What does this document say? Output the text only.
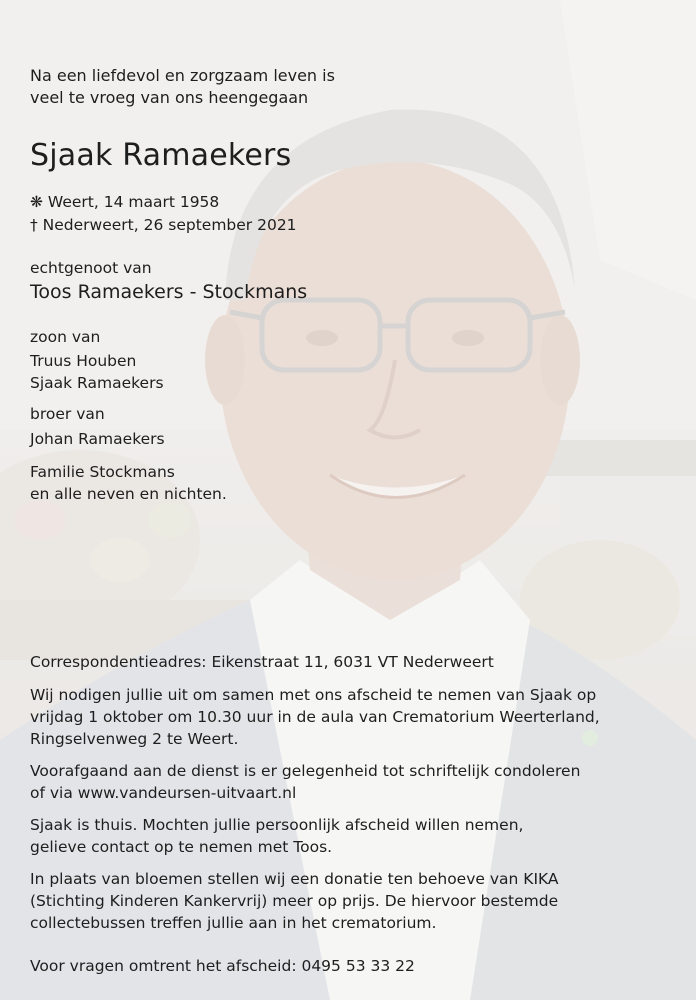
Na een liefdevol en zorgzaam leven is
veel te vroeg van ons heengegaan
Sjaak Ramaekers
❋ Weert, 14 maart 1958
† Nederweert, 26 september 2021
echtgenoot van
Toos Ramaekers - Stockmans
zoon van
Truus Houben
Sjaak Ramaekers
broer van
Johan Ramaekers
Familie Stockmans
en alle neven en nichten.
Correspondentieadres: Eikenstraat 11, 6031 VT Nederweert
Wij nodigen jullie uit om samen met ons afscheid te nemen van Sjaak op
vrijdag 1 oktober om 10.30 uur in de aula van Crematorium Weerterland,
Ringselvenweg 2 te Weert.
Voorafgaand aan de dienst is er gelegenheid tot schriftelijk condoleren
of via www.vandeursen-uitvaart.nl
Sjaak is thuis. Mochten jullie persoonlijk afscheid willen nemen,
gelieve contact op te nemen met Toos.
In plaats van bloemen stellen wij een donatie ten behoeve van KIKA
(Stichting Kinderen Kankervrij) meer op prijs. De hiervoor bestemde
collectebussen treffen jullie aan in het crematorium.
Voor vragen omtrent het afscheid: 0495 53 33 22
